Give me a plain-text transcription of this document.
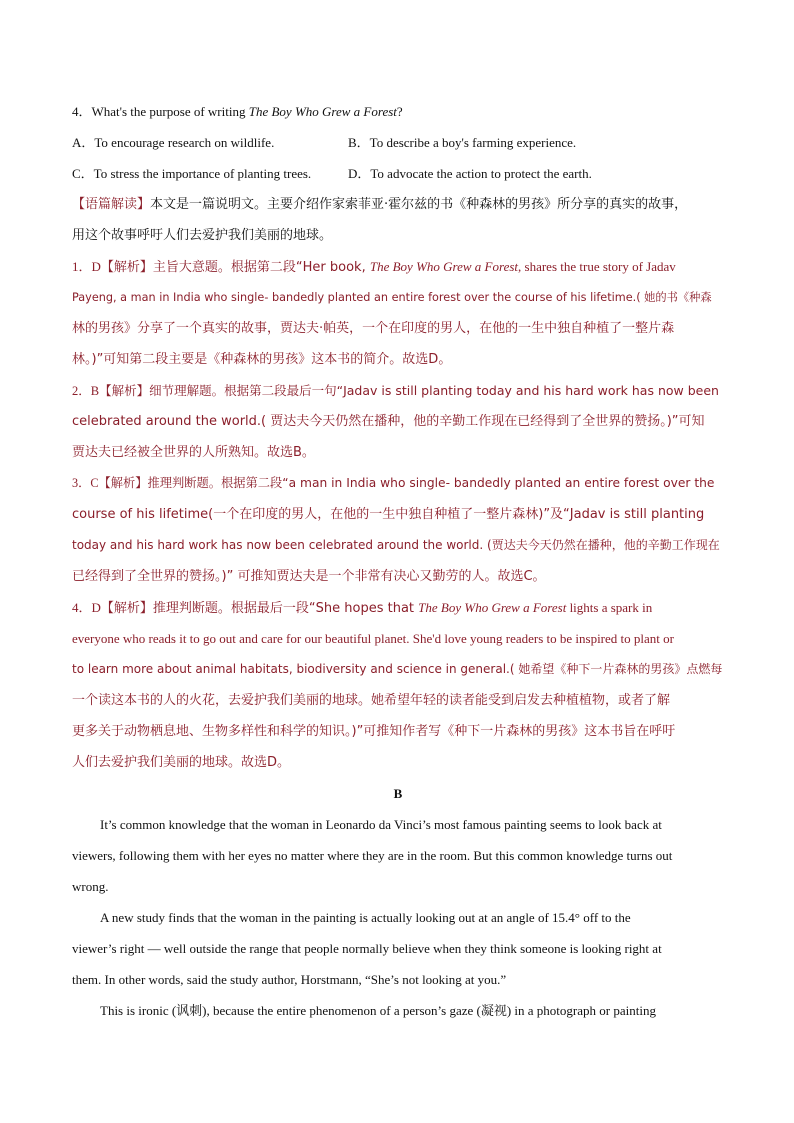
4．What's the purpose of writing The Boy Who Grew a Forest?
A．To encourage research on wildlife.	B．To describe a boy's farming experience.
C．To stress the importance of planting trees.	D．To advocate the action to protect the earth.
【语篇解读】本文是一篇说明文。主要介绍作家索菲亚·霍尔兹的书《种森林的男孩》所分享的真实的故事，
用这个故事呼吁人们去爱护我们美丽的地球。
1．D【解析】主旨大意题。根据第二段“Her book, The Boy Who Grew a Forest, shares the true story of Jadav
Payeng, a man in India who single- bandedly planted an entire forest over the course of his lifetime.( 她的书《种森
林的男孩》分享了一个真实的故事，贾达夫·帕英，一个在印度的男人，在他的一生中独自种植了一整片森
林。)”可知第二段主要是《种森林的男孩》这本书的简介。故选D。
2．B【解析】细节理解题。根据第二段最后一句“Jadav is still planting today and his hard work has now been
celebrated around the world.( 贾达夫今天仍然在播种，他的辛勤工作现在已经得到了全世界的赞扬。)”可知
贾达夫已经被全世界的人所熟知。故选B。
3．C【解析】推理判断题。根据第二段“a man in India who single- bandedly planted an entire forest over the
course of his lifetime(一个在印度的男人，在他的一生中独自种植了一整片森林)”及“Jadav is still planting
today and his hard work has now been celebrated around the world. (贾达夫今天仍然在播种，他的辛勤工作现在
已经得到了全世界的赞扬。)” 可推知贾达夫是一个非常有决心又勤劳的人。故选C。
4．D【解析】推理判断题。根据最后一段“She hopes that The Boy Who Grew a Forest lights a spark in
everyone who reads it to go out and care for our beautiful planet. She'd love young readers to be inspired to plant or
to learn more about animal habitats, biodiversity and science in general.( 她希望《种下一片森林的男孩》点燃每
一个读这本书的人的火花，去爱护我们美丽的地球。她希望年轻的读者能受到启发去种植植物，或者了解
更多关于动物栖息地、生物多样性和科学的知识。)”可推知作者写《种下一片森林的男孩》这本书旨在呼吁
人们去爱护我们美丽的地球。故选D。
B
It’s common knowledge that the woman in Leonardo da Vinci’s most famous painting seems to look back at
viewers, following them with her eyes no matter where they are in the room. But this common knowledge turns out
wrong.
A new study finds that the woman in the painting is actually looking out at an angle of 15.4° off to the
viewer’s right — well outside the range that people normally believe when they think someone is looking right at
them. In other words, said the study author, Horstmann, “She’s not looking at you.”
This is ironic (讽刺), because the entire phenomenon of a person’s gaze (凝视) in a photograph or painting
